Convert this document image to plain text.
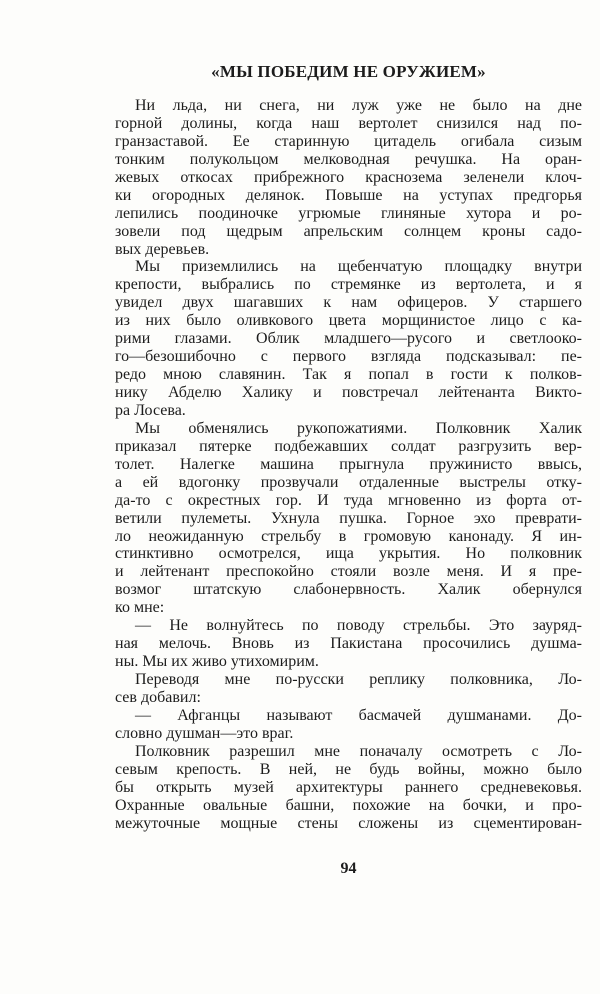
«МЫ ПОБЕДИМ НЕ ОРУЖИЕМ»
Ни льда, ни снега, ни луж уже не было на дне
горной долины, когда наш вертолет снизился над по-
гранзаставой. Ее старинную цитадель огибала сизым
тонким полукольцом мелководная речушка. На оран-
жевых откосах прибрежного краснозема зеленели клоч-
ки огородных делянок. Повыше на уступах предгорья
лепились поодиночке угрюмые глиняные хутора и ро-
зовели под щедрым апрельским солнцем кроны садо-
вых деревьев.
Мы приземлились на щебенчатую площадку внутри
крепости, выбрались по стремянке из вертолета, и я
увидел двух шагавших к нам офицеров. У старшего
из них было оливкового цвета морщинистое лицо с ка-
рими глазами. Облик младшего—русого и светлооко-
го—безошибочно с первого взгляда подсказывал: пе-
редо мною славянин. Так я попал в гости к полков-
нику Абделю Халику и повстречал лейтенанта Викто-
ра Лосева.
Мы обменялись рукопожатиями. Полковник Халик
приказал пятерке подбежавших солдат разгрузить вер-
толет. Налегке машина прыгнула пружинисто ввысь,
а ей вдогонку прозвучали отдаленные выстрелы отку-
да-то с окрестных гор. И туда мгновенно из форта от-
ветили пулеметы. Ухнула пушка. Горное эхо преврати-
ло неожиданную стрельбу в громовую канонаду. Я ин-
стинктивно осмотрелся, ища укрытия. Но полковник
и лейтенант преспокойно стояли возле меня. И я пре-
возмог штатскую слабонервность. Халик обернулся
ко мне:
— Не волнуйтесь по поводу стрельбы. Это зауряд-
ная мелочь. Вновь из Пакистана просочились душма-
ны. Мы их живо утихомирим.
Переводя мне по-русски реплику полковника, Ло-
сев добавил:
— Афганцы называют басмачей душманами. До-
словно душман—это враг.
Полковник разрешил мне поначалу осмотреть с Ло-
севым крепость. В ней, не будь войны, можно было
бы открыть музей архитектуры раннего средневековья.
Охранные овальные башни, похожие на бочки, и про-
межуточные мощные стены сложены из сцементирован-
94
